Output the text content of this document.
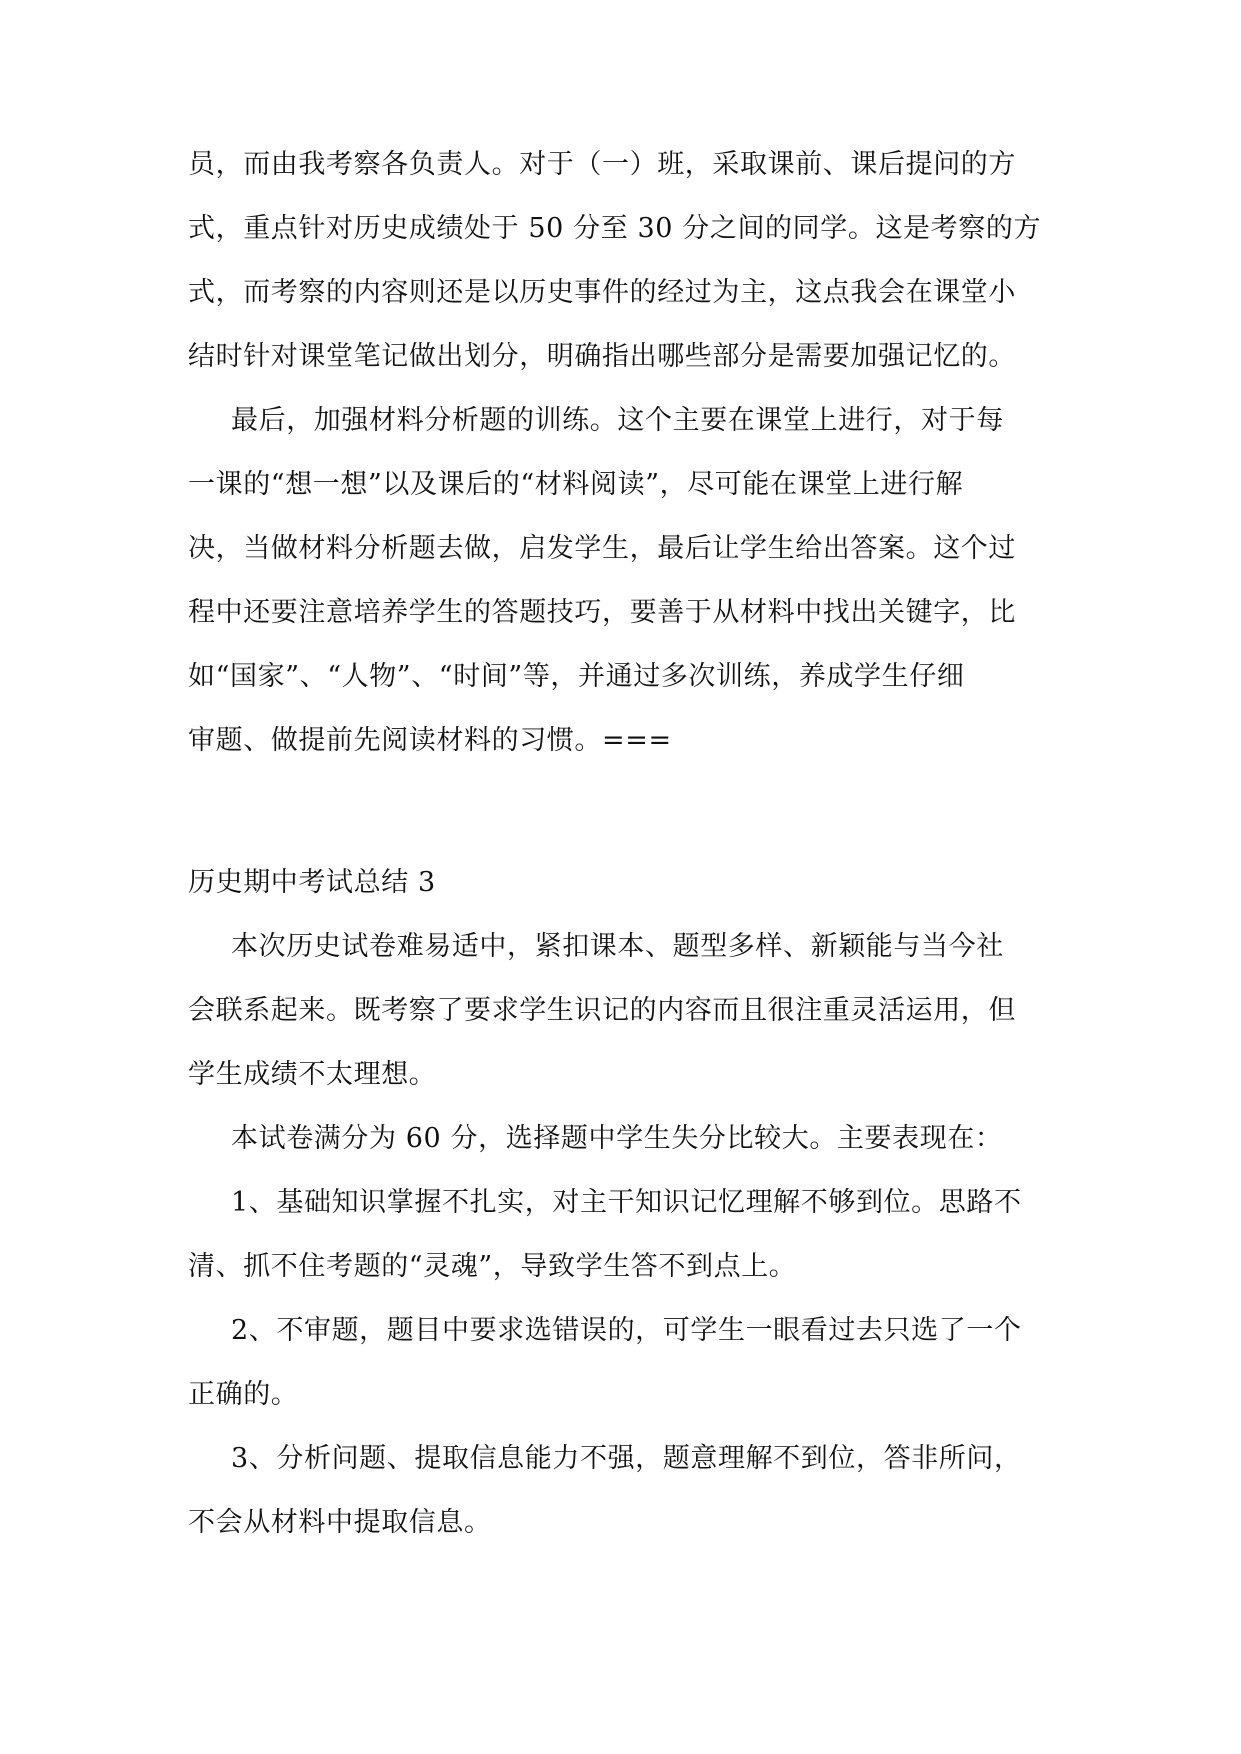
员，而由我考察各负责人。对于（一）班，采取课前、课后提问的方
式，重点针对历史成绩处于 50 分至 30 分之间的同学。这是考察的方
式，而考察的内容则还是以历史事件的经过为主，这点我会在课堂小
结时针对课堂笔记做出划分，明确指出哪些部分是需要加强记忆的。
最后，加强材料分析题的训练。这个主要在课堂上进行，对于每
一课的“想一想”以及课后的“材料阅读”，尽可能在课堂上进行解
决，当做材料分析题去做，启发学生，最后让学生给出答案。这个过
程中还要注意培养学生的答题技巧，要善于从材料中找出关键字，比
如“国家”、“人物”、“时间”等，并通过多次训练，养成学生仔细
审题、做提前先阅读材料的习惯。===
历史期中考试总结 3
本次历史试卷难易适中，紧扣课本、题型多样、新颖能与当今社
会联系起来。既考察了要求学生识记的内容而且很注重灵活运用，但
学生成绩不太理想。
本试卷满分为 60 分，选择题中学生失分比较大。主要表现在：
1、基础知识掌握不扎实，对主干知识记忆理解不够到位。思路不
清、抓不住考题的“灵魂”，导致学生答不到点上。
2、不审题，题目中要求选错误的，可学生一眼看过去只选了一个
正确的。
3、分析问题、提取信息能力不强，题意理解不到位，答非所问，
不会从材料中提取信息。
